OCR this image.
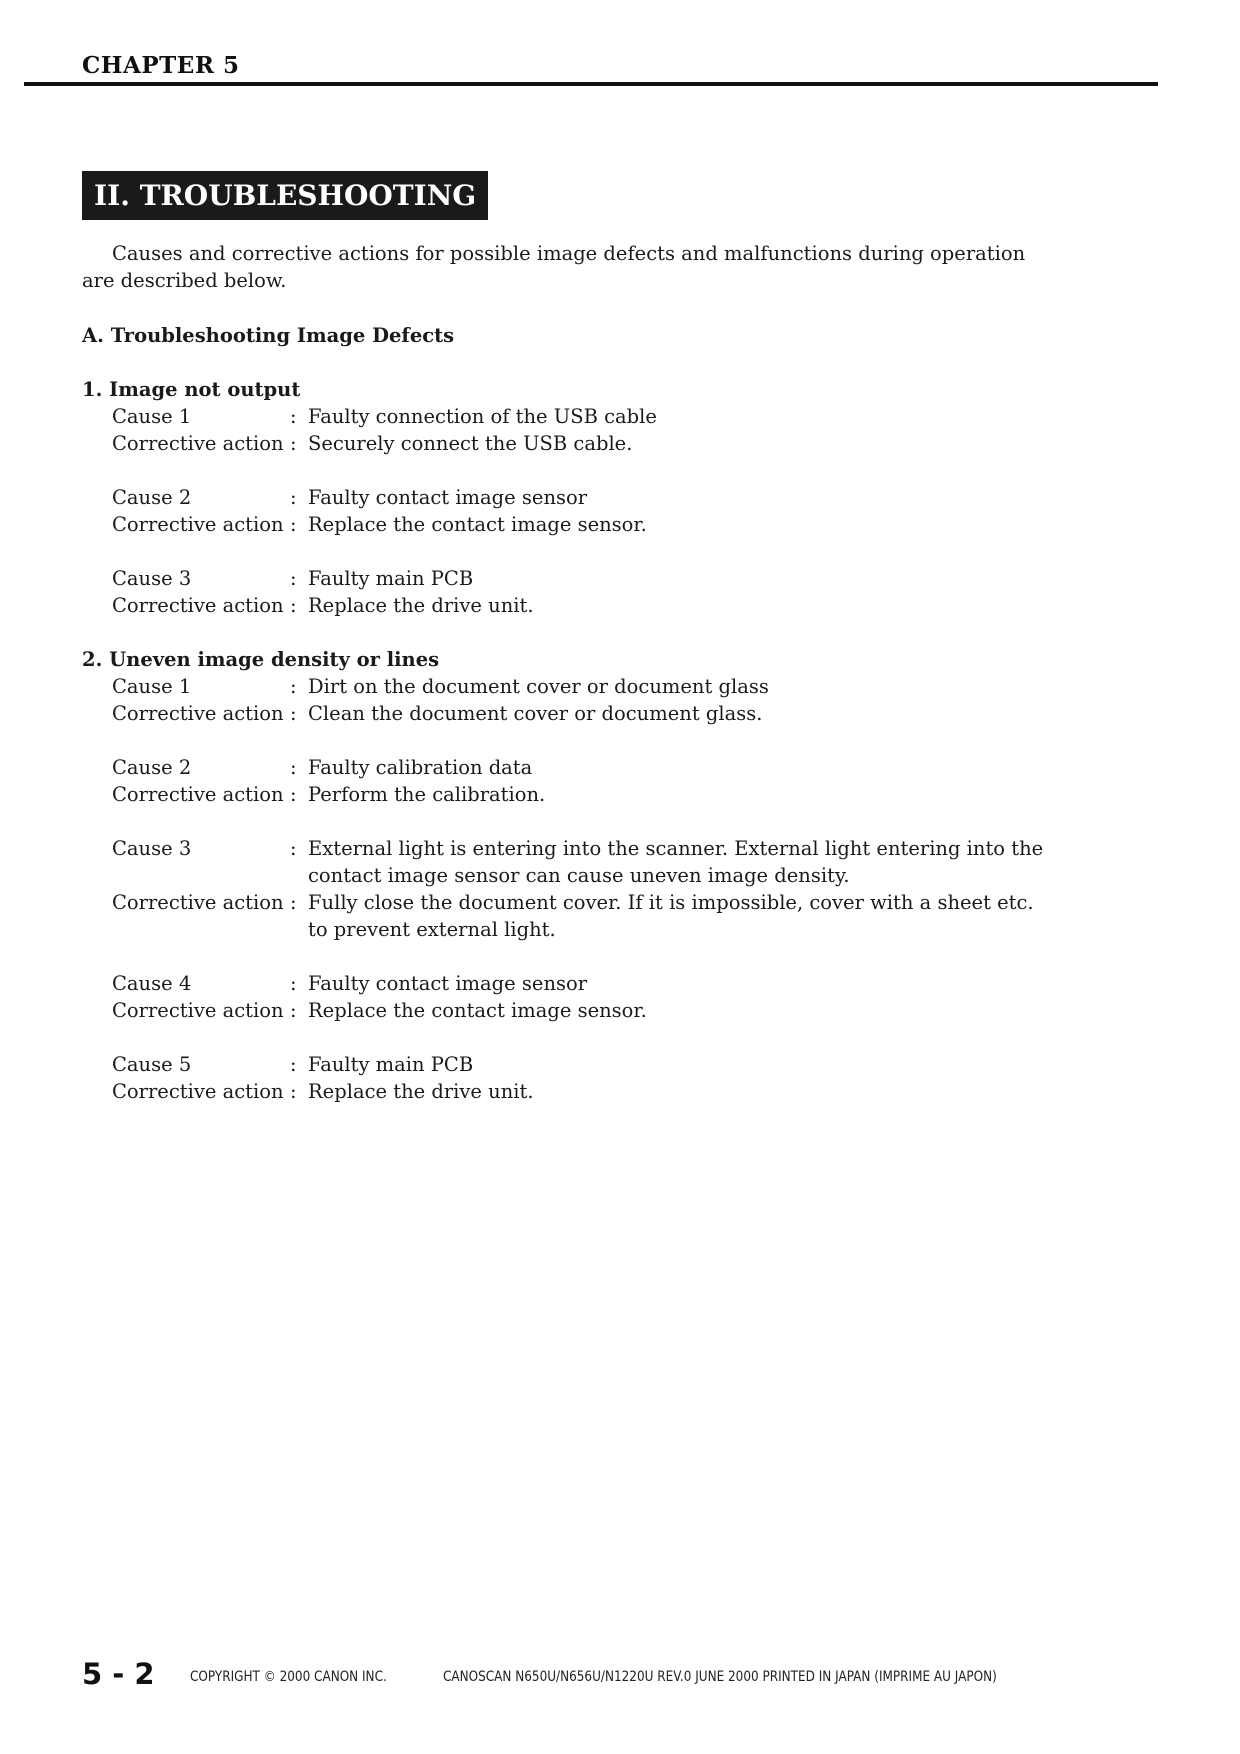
CHAPTER 5
II. TROUBLESHOOTING
Causes and corrective actions for possible image defects and malfunctions during operation are described below.
A. Troubleshooting Image Defects
1. Image not output
Cause 1	: Faulty connection of the USB cable
Corrective action : Securely connect the USB cable.
Cause 2	: Faulty contact image sensor
Corrective action : Replace the contact image sensor.
Cause 3	: Faulty main PCB
Corrective action : Replace the drive unit.
2. Uneven image density or lines
Cause 1	: Dirt on the document cover or document glass
Corrective action : Clean the document cover or document glass.
Cause 2	: Faulty calibration data
Corrective action : Perform the calibration.
Cause 3	: External light is entering into the scanner. External light entering into the contact image sensor can cause uneven image density.
Corrective action : Fully close the document cover. If it is impossible, cover with a sheet etc. to prevent external light.
Cause 4	: Faulty contact image sensor
Corrective action : Replace the contact image sensor.
Cause 5	: Faulty main PCB
Corrective action : Replace the drive unit.
5 - 2	COPYRIGHT © 2000 CANON INC.	CANOSCAN N650U/N656U/N1220U REV.0 JUNE 2000 PRINTED IN JAPAN (IMPRIME AU JAPON)
